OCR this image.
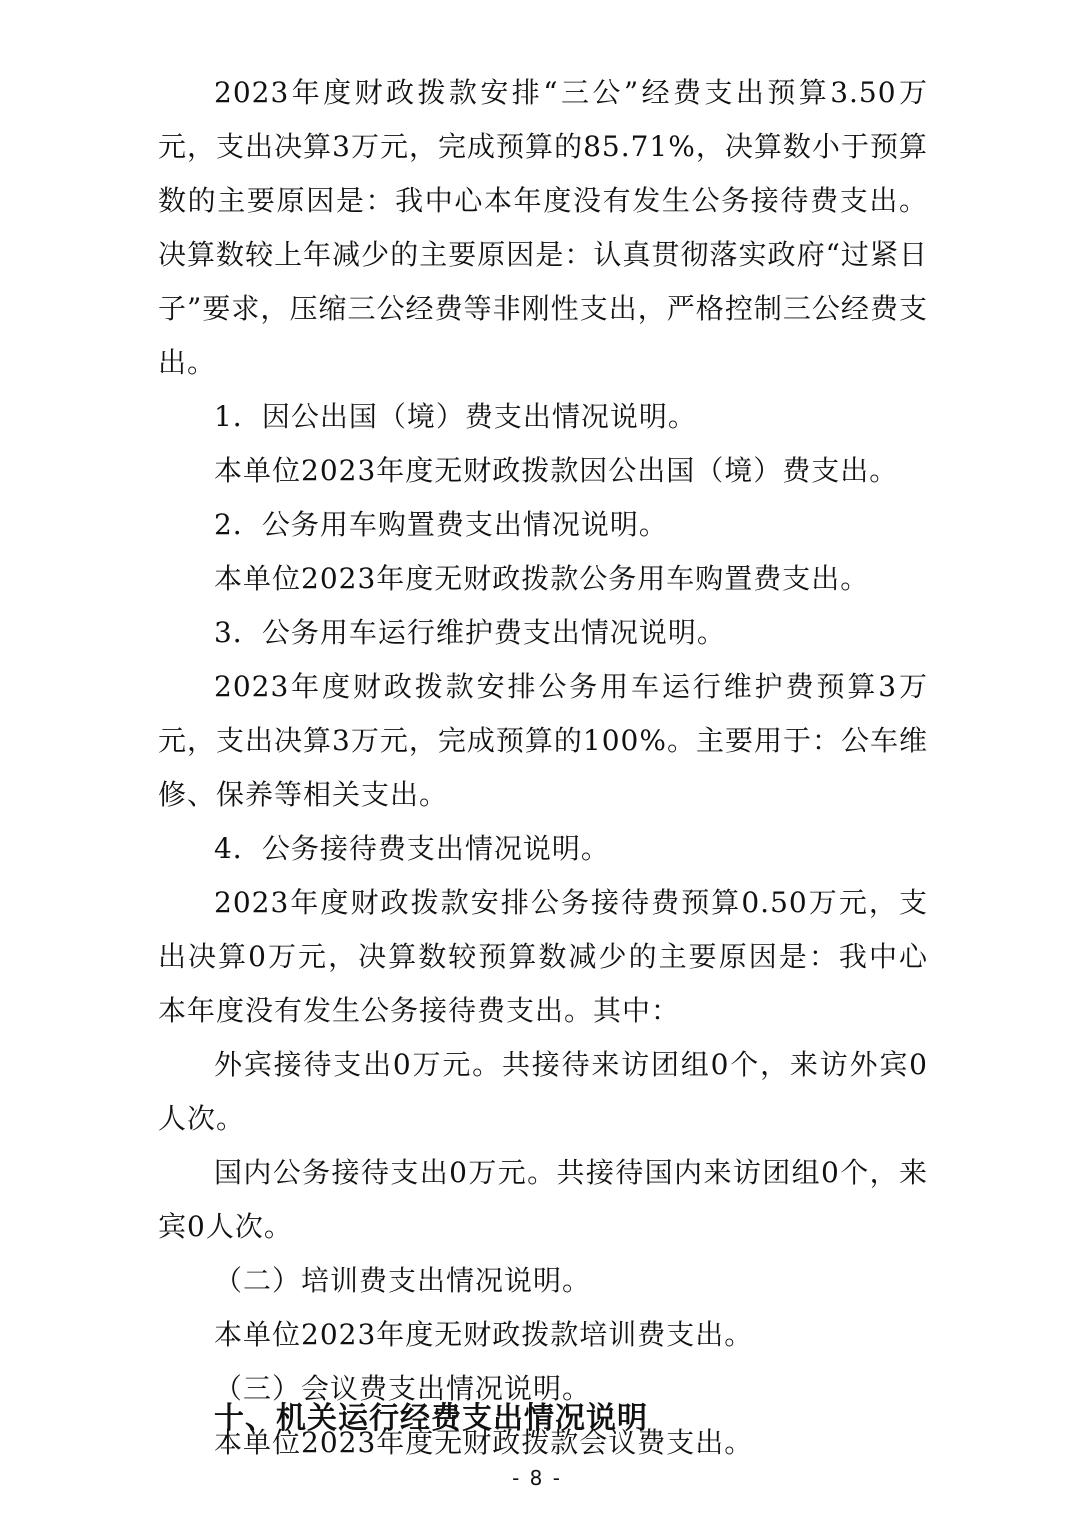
2023年度财政拨款安排“三公”经费支出预算3.50万元，支出决算3万元，完成预算的85.71%，决算数小于预算数的主要原因是：我中心本年度没有发生公务接待费支出。决算数较上年减少的主要原因是：认真贯彻落实政府“过紧日子”要求，压缩三公经费等非刚性支出，严格控制三公经费支出。

1．因公出国（境）费支出情况说明。

本单位2023年度无财政拨款因公出国（境）费支出。

2．公务用车购置费支出情况说明。

本单位2023年度无财政拨款公务用车购置费支出。

3．公务用车运行维护费支出情况说明。

2023年度财政拨款安排公务用车运行维护费预算3万元，支出决算3万元，完成预算的100%。主要用于：公车维修、保养等相关支出。

4．公务接待费支出情况说明。

2023年度财政拨款安排公务接待费预算0.50万元，支出决算0万元，决算数较预算数减少的主要原因是：我中心本年度没有发生公务接待费支出。其中：

外宾接待支出0万元。共接待来访团组0个，来访外宾0人次。

国内公务接待支出0万元。共接待国内来访团组0个，来宾0人次。

（二）培训费支出情况说明。

本单位2023年度无财政拨款培训费支出。

（三）会议费支出情况说明。

本单位2023年度无财政拨款会议费支出。

十、机关运行经费支出情况说明
- 8 -
